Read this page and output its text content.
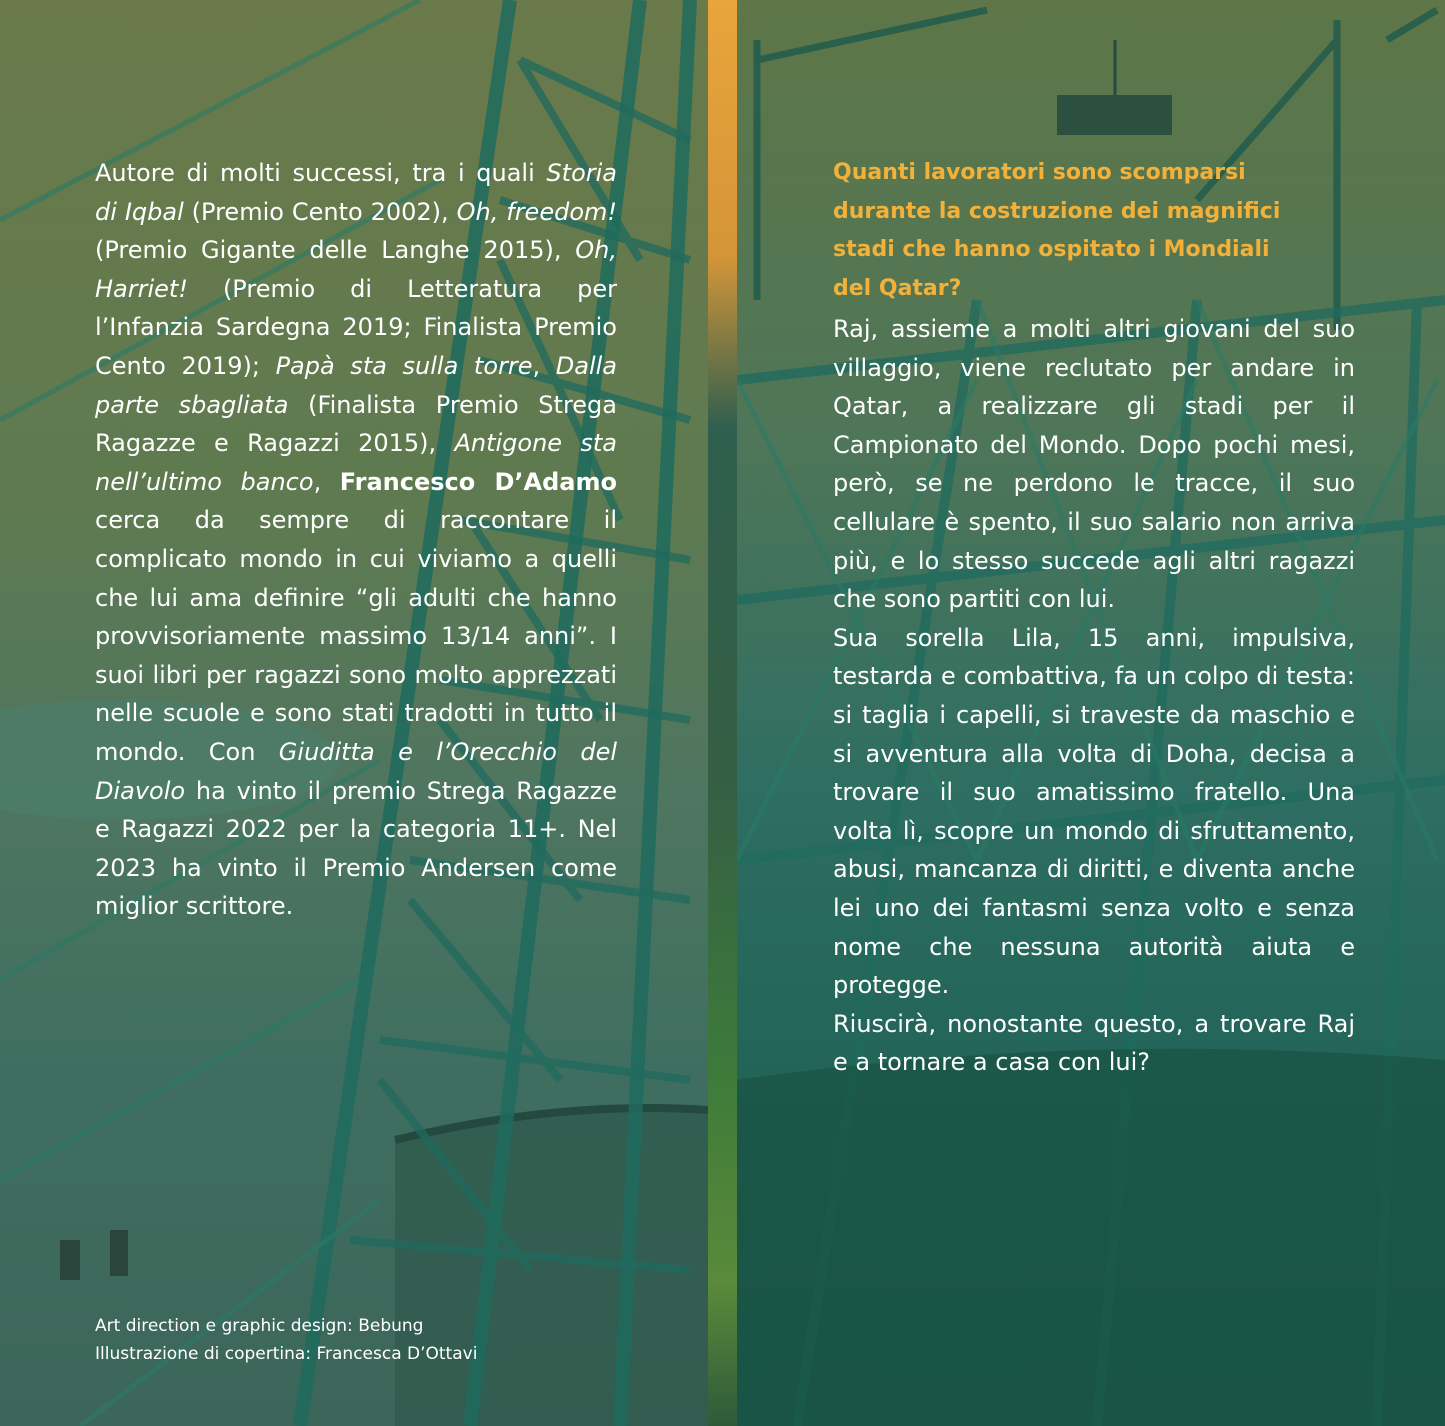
Autore di molti successi, tra i quali Storia di Iqbal (Premio Cento 2002), Oh, freedom! (Premio Gigante delle Langhe 2015), Oh, Harriet! (Premio di Letteratura per l’Infanzia Sardegna 2019; Finalista Premio Cento 2019); Papà sta sulla torre, Dalla parte sbagliata (Finalista Premio Strega Ragazze e Ragazzi 2015), Antigone sta nell’ultimo banco, Francesco D’Adamo cerca da sempre di raccontare il complicato mondo in cui viviamo a quelli che lui ama definire “gli adulti che hanno provvisoriamente massimo 13/14 anni”. I suoi libri per ragazzi sono molto apprezzati nelle scuole e sono stati tradotti in tutto il mondo. Con Giuditta e l’Orecchio del Diavolo ha vinto il premio Strega Ragazze e Ragazzi 2022 per la categoria 11+. Nel 2023 ha vinto il Premio Andersen come miglior scrittore.

Art direction e graphic design: Bebung
Illustrazione di copertina: Francesca D’Ottavi
Quanti lavoratori sono scomparsi durante la costruzione dei magnifici stadi che hanno ospitato i Mondiali del Qatar?

Raj, assieme a molti altri giovani del suo villaggio, viene reclutato per andare in Qatar, a realizzare gli stadi per il Campionato del Mondo. Dopo pochi mesi, però, se ne perdono le tracce, il suo cellulare è spento, il suo salario non arriva più, e lo stesso succede agli altri ragazzi che sono partiti con lui.

Sua sorella Lila, 15 anni, impulsiva, testarda e combattiva, fa un colpo di testa: si taglia i capelli, si traveste da maschio e si avventura alla volta di Doha, decisa a trovare il suo amatissimo fratello. Una volta lì, scopre un mondo di sfruttamento, abusi, mancanza di diritti, e diventa anche lei uno dei fantasmi senza volto e senza nome che nessuna autorità aiuta e protegge.

Riuscirà, nonostante questo, a trovare Raj e a tornare a casa con lui?
